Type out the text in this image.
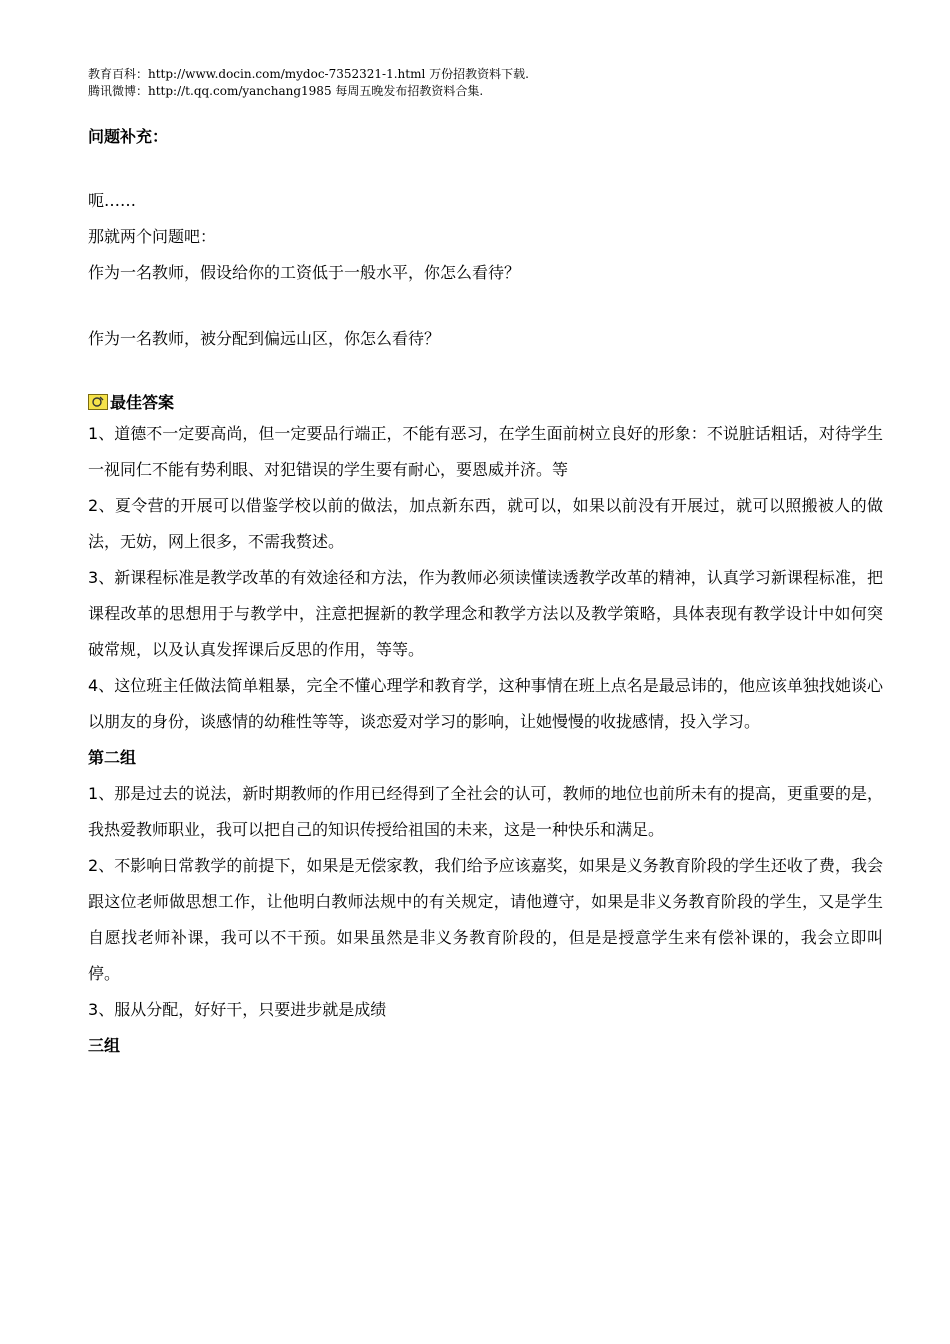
教育百科：http://www.docin.com/mydoc-7352321-1.html 万份招教资料下载.
腾讯微博：http://t.qq.com/yanchang1985 每周五晚发布招教资料合集.
问题补充：

呃……

那就两个问题吧：

作为一名教师，假设给你的工资低于一般水平，你怎么看待？

作为一名教师，被分配到偏远山区，你怎么看待？

最佳答案

1、道德不一定要高尚，但一定要品行端正，不能有恶习，在学生面前树立良好的形象：不说脏话粗话，对待学生一视同仁不能有势利眼、对犯错误的学生要有耐心，要恩威并济。等

2、夏令营的开展可以借鉴学校以前的做法，加点新东西，就可以，如果以前没有开展过，就可以照搬被人的做法，无妨，网上很多，不需我赘述。

3、新课程标准是教学改革的有效途径和方法，作为教师必须读懂读透教学改革的精神，认真学习新课程标准，把课程改革的思想用于与教学中，注意把握新的教学理念和教学方法以及教学策略，具体表现有教学设计中如何突破常规，以及认真发挥课后反思的作用，等等。

4、这位班主任做法简单粗暴，完全不懂心理学和教育学，这种事情在班上点名是最忌讳的，他应该单独找她谈心以朋友的身份，谈感情的幼稚性等等，谈恋爱对学习的影响，让她慢慢的收拢感情，投入学习。

第二组

1、那是过去的说法，新时期教师的作用已经得到了全社会的认可，教师的地位也前所未有的提高，更重要的是，我热爱教师职业，我可以把自己的知识传授给祖国的未来，这是一种快乐和满足。

2、不影响日常教学的前提下，如果是无偿家教，我们给予应该嘉奖，如果是义务教育阶段的学生还收了费，我会跟这位老师做思想工作，让他明白教师法规中的有关规定，请他遵守，如果是非义务教育阶段的学生，又是学生自愿找老师补课，我可以不干预。如果虽然是非义务教育阶段的，但是是授意学生来有偿补课的，我会立即叫停。

3、服从分配，好好干，只要进步就是成绩

三组
